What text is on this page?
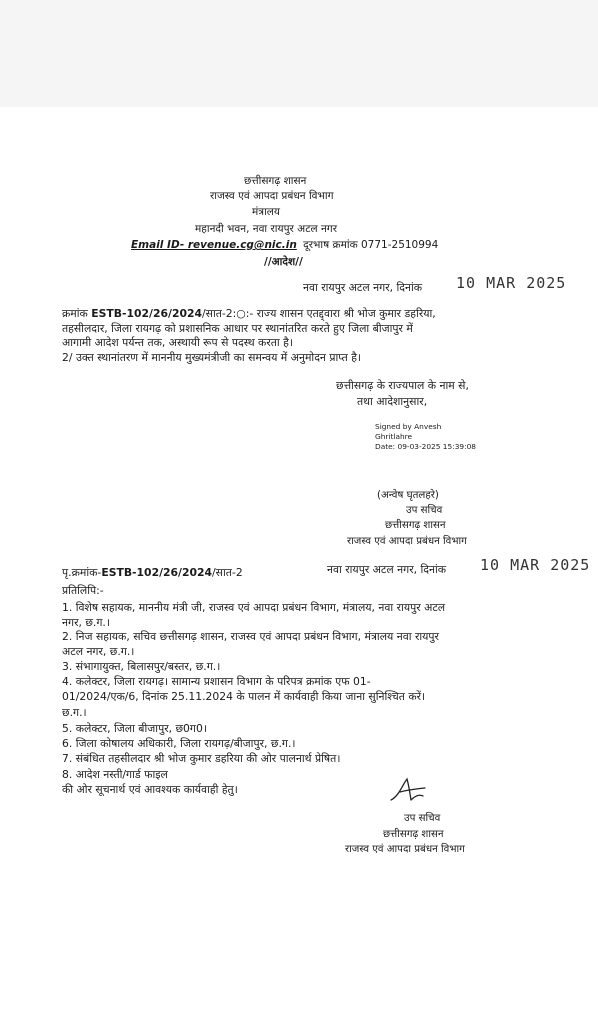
छत्तीसगढ़ शासन
राजस्व एवं आपदा प्रबंधन विभाग
मंत्रालय
महानदी भवन, नवा रायपुर अटल नगर
Email ID- revenue.cg@nic.in दूरभाष क्रमांक 0771-2510994
//आदेश//
नवा रायपुर अटल नगर, दिनांक 10 MAR 2025
क्रमांक ESTB-102/26/2024/सात-2:○:- राज्य शासन एतद्द्वारा श्री भोज कुमार डहरिया,
तहसीलदार, जिला रायगढ़ को प्रशासनिक आधार पर स्थानांतरित करते हुए जिला बीजापुर में
आगामी आदेश पर्यन्त तक, अस्थायी रूप से पदस्थ करता है।
2/ उक्त स्थानांतरण में माननीय मुख्यमंत्रीजी का समन्वय में अनुमोदन प्राप्त है।
छत्तीसगढ़ के राज्यपाल के नाम से,
तथा आदेशानुसार,
Signed by Anvesh
Ghritlahre
Date: 09-03-2025 15:39:08
(अन्वेष घृतलहरे)
उप सचिव
छत्तीसगढ़ शासन
राजस्व एवं आपदा प्रबंधन विभाग
पृ.क्रमांक-ESTB-102/26/2024/सात-2	नवा रायपुर अटल नगर, दिनांक 10 MAR 2025
प्रतिलिपि:-
1. विशेष सहायक, माननीय मंत्री जी, राजस्व एवं आपदा प्रबंधन विभाग, मंत्रालय, नवा रायपुर अटल
नगर, छ.ग.।
2. निज सहायक, सचिव छत्तीसगढ़ शासन, राजस्व एवं आपदा प्रबंधन विभाग, मंत्रालय नवा रायपुर
अटल नगर, छ.ग.।
3. संभागायुक्त, बिलासपुर/बस्तर, छ.ग.।
4. कलेक्टर, जिला रायगढ़। सामान्य प्रशासन विभाग के परिपत्र क्रमांक एफ 01-
01/2024/एक/6, दिनांक 25.11.2024 के पालन में कार्यवाही किया जाना सुनिश्चित करें।
छ.ग.।
5. कलेक्टर, जिला बीजापुर, छ0ग0।
6. जिला कोषालय अधिकारी, जिला रायगढ़/बीजापुर, छ.ग.।
7. संबंधित तहसीलदार श्री भोज कुमार डहरिया की ओर पालनार्थ प्रेषित।
8. आदेश नस्ती/गार्ड फाइल
की ओर सूचनार्थ एवं आवश्यक कार्यवाही हेतु।
उप सचिव
छत्तीसगढ़ शासन
राजस्व एवं आपदा प्रबंधन विभाग
